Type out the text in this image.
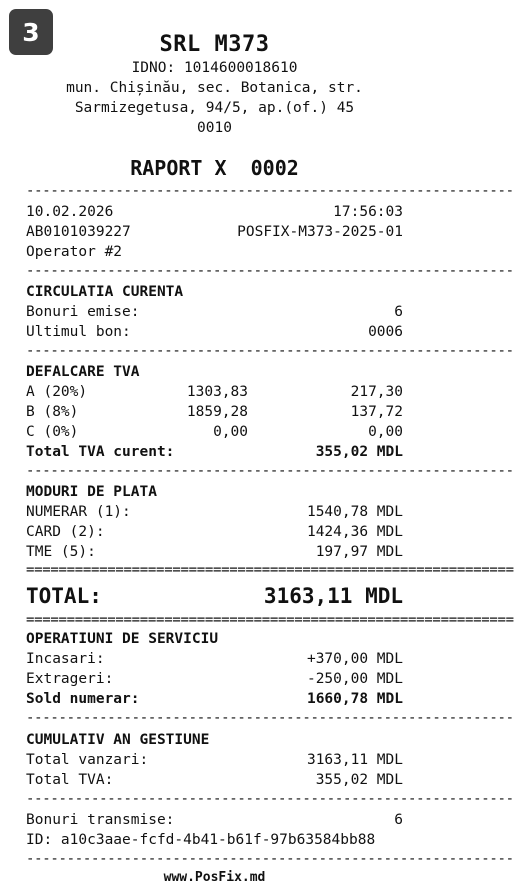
3	SRL M373
IDNO: 1014600018610
mun. Chișinău, sec. Botanica, str.
Sarmizegetusa, 94/5, ap.(of.) 45
0010
RAPORT X  0002
------------------------------------------------------------
10.02.2026	17:56:03
AB0101039227	POSFIX-M373-2025-01
Operator #2
------------------------------------------------------------
CIRCULATIA CURENTA
Bonuri emise:	6
Ultimul bon:	0006
------------------------------------------------------------
DEFALCARE TVA
A (20%)	1303,83	217,30
B (8%)	1859,28	137,72
C (0%)	0,00	0,00
Total TVA curent:	355,02 MDL
------------------------------------------------------------
MODURI DE PLATA
NUMERAR (1):	1540,78 MDL
CARD (2):	1424,36 MDL
TME (5):	197,97 MDL
============================================================
TOTAL:	3163,11 MDL
============================================================
OPERATIUNI DE SERVICIU
Incasari:	+370,00 MDL
Extrageri:	-250,00 MDL
Sold numerar:	1660,78 MDL
------------------------------------------------------------
CUMULATIV AN GESTIUNE
Total vanzari:	3163,11 MDL
Total TVA:	355,02 MDL
------------------------------------------------------------
Bonuri transmise:	6
ID: a10c3aae-fcfd-4b41-b61f-97b63584bb88
------------------------------------------------------------
www.PosFix.md
